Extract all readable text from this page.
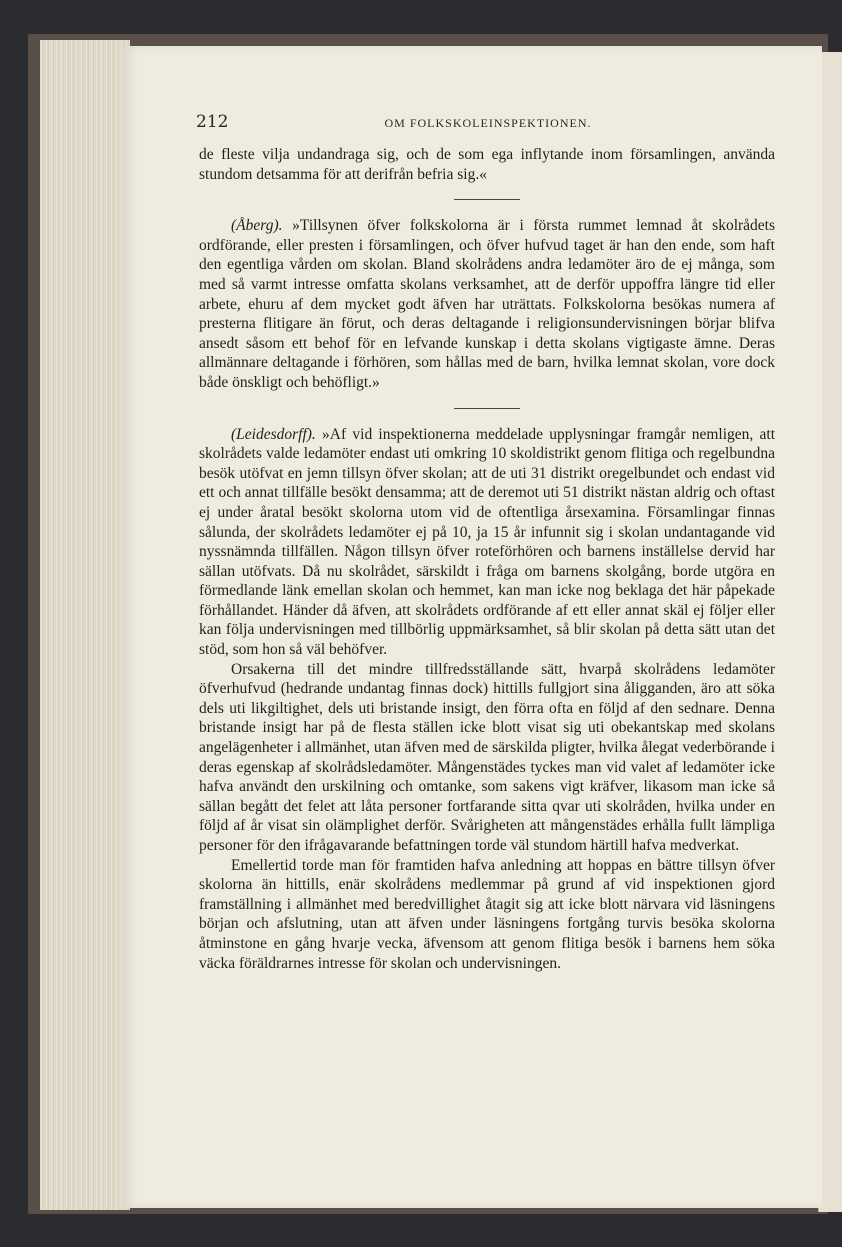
212	OM FOLKSKOLEINSPEKTIONEN.

de fleste vilja undandraga sig, och de som ega inflytande inom församlingen, använda stundom detsamma för att derifrån befria sig.«

(Åberg). »Tillsynen öfver folkskolorna är i första rummet lemnad åt skolrådets ordförande, eller presten i församlingen, och öfver hufvud taget är han den ende, som haft den egentliga vården om skolan. Bland skolrådens andra ledamöter äro de ej många, som med så varmt intresse omfatta skolans verksamhet, att de derför uppoffra längre tid eller arbete, ehuru af dem mycket godt äfven har uträttats. Folkskolorna besökas numera af presterna flitigare än förut, och deras deltagande i religionsundervisningen börjar blifva ansedt såsom ett behof för en lefvande kunskap i detta skolans vigtigaste ämne. Deras allmännare deltagande i förhören, som hållas med de barn, hvilka lemnat skolan, vore dock både önskligt och behöfligt.»

(Leidesdorff). »Af vid inspektionerna meddelade upplysningar framgår nemligen, att skolrådets valde ledamöter endast uti omkring 10 skoldistrikt genom flitiga och regelbundna besök utöfvat en jemn tillsyn öfver skolan; att de uti 31 distrikt oregelbundet och endast vid ett och annat tillfälle besökt densamma; att de deremot uti 51 distrikt nästan aldrig och oftast ej under åratal besökt skolorna utom vid de oftentliga årsexamina. Församlingar finnas sålunda, der skolrådets ledamöter ej på 10, ja 15 år infunnit sig i skolan undantagande vid nyssnämnda tillfällen. Någon tillsyn öfver roteförhören och barnens inställelse dervid har sällan utöfvats. Då nu skolrådet, särskildt i fråga om barnens skolgång, borde utgöra en förmedlande länk emellan skolan och hemmet, kan man icke nog beklaga det här påpekade förhållandet. Händer då äfven, att skolrådets ordförande af ett eller annat skäl ej följer eller kan följa undervisningen med tillbörlig uppmärksamhet, så blir skolan på detta sätt utan det stöd, som hon så väl behöfver.

Orsakerna till det mindre tillfredsställande sätt, hvarpå skolrådens ledamöter öfverhufvud (hedrande undantag finnas dock) hittills fullgjort sina åligganden, äro att söka dels uti likgiltighet, dels uti bristande insigt, den förra ofta en följd af den sednare. Denna bristande insigt har på de flesta ställen icke blott visat sig uti obekantskap med skolans angelägenheter i allmänhet, utan äfven med de särskilda pligter, hvilka ålegat vederbörande i deras egenskap af skolrådsledamöter. Mångenstädes tyckes man vid valet af ledamöter icke hafva användt den urskilning och omtanke, som sakens vigt kräfver, likasom man icke så sällan begått det felet att låta personer fortfarande sitta qvar uti skolråden, hvilka under en följd af år visat sin olämplighet derför. Svårigheten att mångenstädes erhålla fullt lämpliga personer för den ifrågavarande befattningen torde väl stundom härtill hafva medverkat.

Emellertid torde man för framtiden hafva anledning att hoppas en bättre tillsyn öfver skolorna än hittills, enär skolrådens medlemmar på grund af vid inspektionen gjord framställning i allmänhet med beredvillighet åtagit sig att icke blott närvara vid läsningens början och afslutning, utan att äfven under läsningens fortgång turvis besöka skolorna åtminstone en gång hvarje vecka, äfvensom att genom flitiga besök i barnens hem söka väcka föräldrarnes intresse för skolan och undervisningen.
